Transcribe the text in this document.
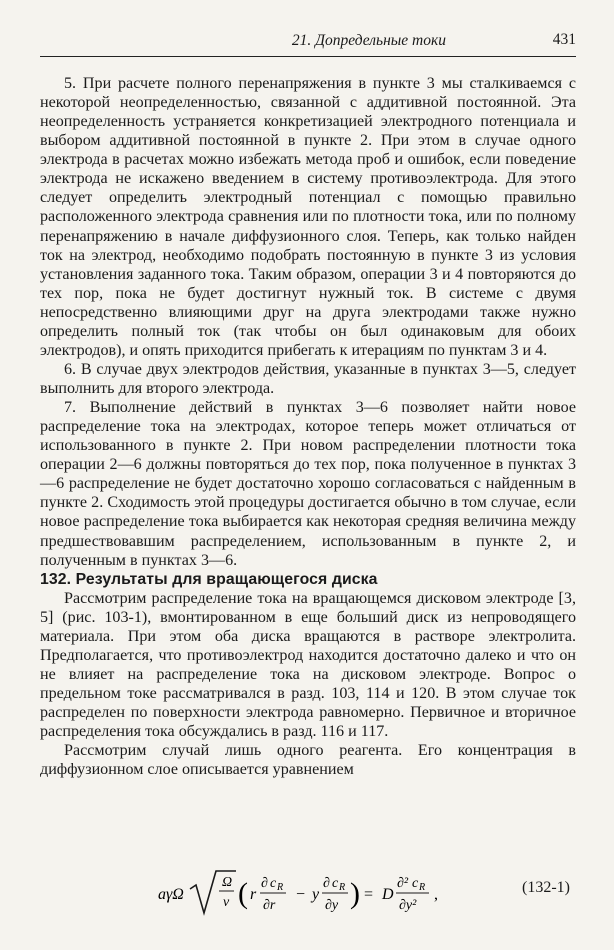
21. Допредельные токи	431

5. При расчете полного перенапряжения в пункте 3 мы сталкиваемся с некоторой неопределенностью, связанной с аддитивной постоянной. Эта неопределенность устраняется конкретизацией электродного потенциала и выбором аддитивной постоянной в пункте 2. При этом в случае одного электрода в расчетах можно избежать метода проб и ошибок, если поведение электрода не искажено введением в систему противоэлектрода. Для этого следует определить электродный потенциал с помощью правильно расположенного электрода сравнения или по плотности тока, или по полному перенапряжению в начале диффузионного слоя. Теперь, как только найден ток на электрод, необходимо подобрать постоянную в пункте 3 из условия установления заданного тока. Таким образом, операции 3 и 4 повторяются до тех пор, пока не будет достигнут нужный ток. В системе с двумя непосредственно влияющими друг на друга электродами также нужно определить полный ток (так чтобы он был одинаковым для обоих электродов), и опять приходится прибегать к итерациям по пунктам 3 и 4.

6. В случае двух электродов действия, указанные в пунктах 3—5, следует выполнить для второго электрода.

7. Выполнение действий в пунктах 3—6 позволяет найти новое распределение тока на электродах, которое теперь может отличаться от использованного в пункте 2. При новом распределении плотности тока операции 2—6 должны повторяться до тех пор, пока полученное в пунктах 3—6 распределение не будет достаточно хорошо согласоваться с найденным в пункте 2. Сходимость этой процедуры достигается обычно в том случае, если новое распределение тока выбирается как некоторая средняя величина между предшествовавшим распределением, использованным в пункте 2, и полученным в пунктах 3—6.

132. Результаты для вращающегося диска

Рассмотрим распределение тока на вращающемся дисковом электроде [3, 5] (рис. 103-1), вмонтированном в еще больший диск из непроводящего материала. При этом оба диска вращаются в растворе электролита. Предполагается, что противоэлектрод находится достаточно далеко и что он не влияет на распределение тока на дисковом электроде. Вопрос о предельном токе рассматривался в разд. 103, 114 и 120. В этом случае ток распределен по поверхности электрода равномерно. Первичное и вторичное распределения тока обсуждались в разд. 116 и 117.

Рассмотрим случай лишь одного реагента. Его концентрация в диффузионном слое описывается уравнением

aγΩ
Ω
ν ( r
∂ c R
∂r
− y
∂ c R
∂y ) = D
∂² c R
∂y²
,	(132-1)
